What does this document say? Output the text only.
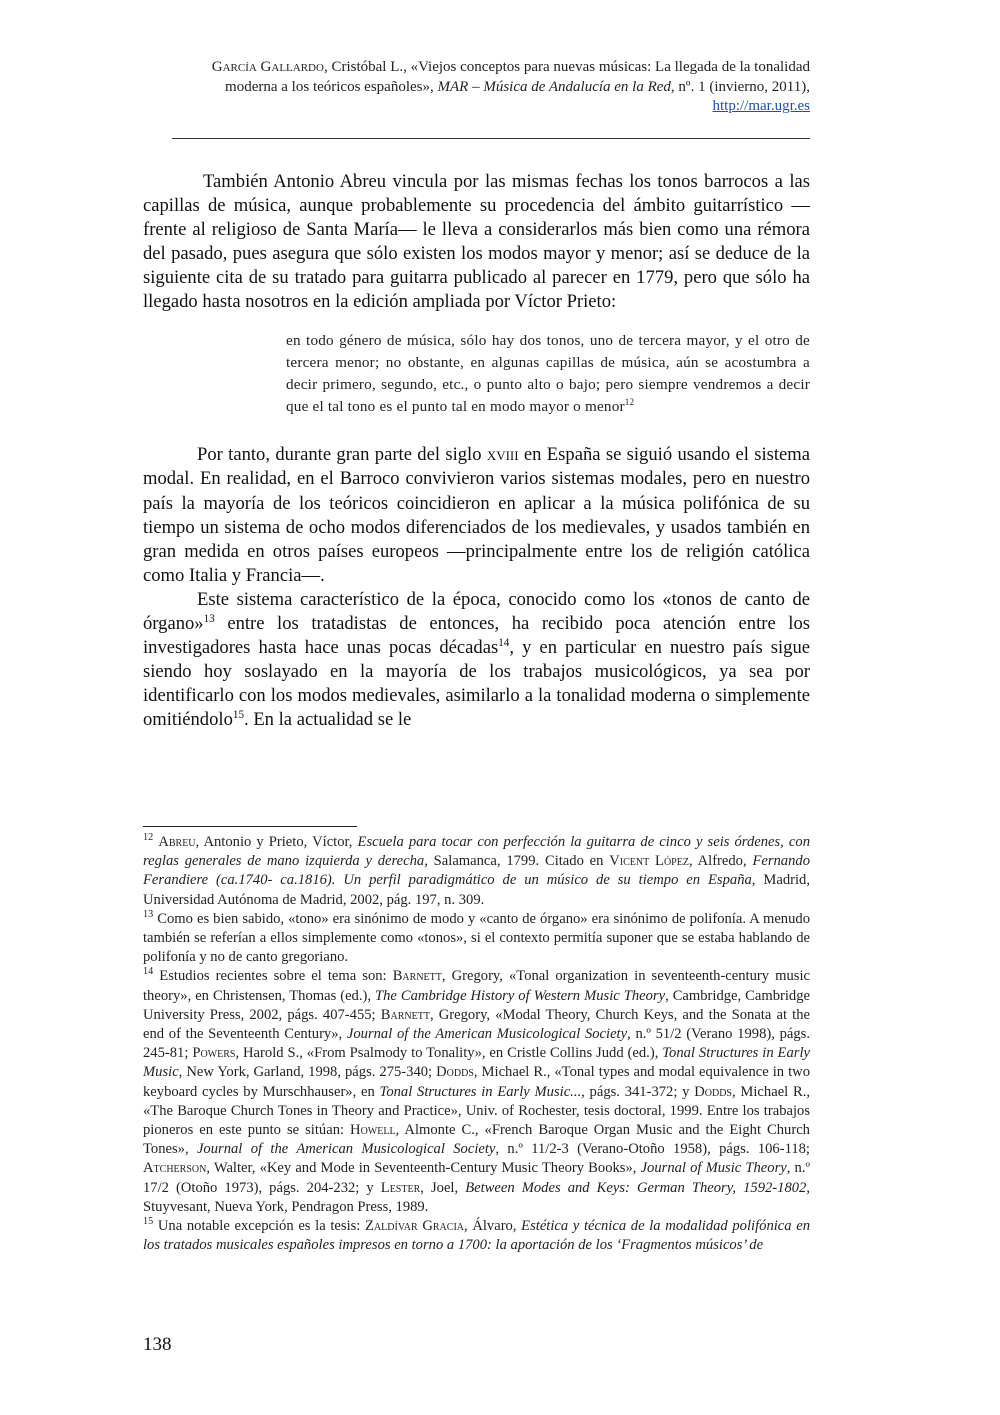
García Gallardo, Cristóbal L., «Viejos conceptos para nuevas músicas: La llegada de la tonalidad moderna a los teóricos españoles», MAR – Música de Andalucía en la Red, nº. 1 (invierno, 2011), http://mar.ugr.es

También Antonio Abreu vincula por las mismas fechas los tonos barrocos a las capillas de música, aunque probablemente su procedencia del ámbito guitarrístico —frente al religioso de Santa María— le lleva a considerarlos más bien como una rémora del pasado, pues asegura que sólo existen los modos mayor y menor; así se deduce de la siguiente cita de su tratado para guitarra publicado al parecer en 1779, pero que sólo ha llegado hasta nosotros en la edición ampliada por Víctor Prieto:

en todo género de música, sólo hay dos tonos, uno de tercera mayor, y el otro de tercera menor; no obstante, en algunas capillas de música, aún se acostumbra a decir primero, segundo, etc., o punto alto o bajo; pero siempre vendremos a decir que el tal tono es el punto tal en modo mayor o menor$^{12}$

Por tanto, durante gran parte del siglo xviii en España se siguió usando el sistema modal. En realidad, en el Barroco convivieron varios sistemas modales, pero en nuestro país la mayoría de los teóricos coincidieron en aplicar a la música polifónica de su tiempo un sistema de ocho modos diferenciados de los medievales, y usados también en gran medida en otros países europeos —principalmente entre los de religión católica como Italia y Francia—.

Este sistema característico de la época, conocido como los «tonos de canto de órgano»$^{13}$ entre los tratadistas de entonces, ha recibido poca atención entre los investigadores hasta hace unas pocas décadas$^{14}$, y en particular en nuestro país sigue siendo hoy soslayado en la mayoría de los trabajos musicológicos, ya sea por identificarlo con los modos medievales, asimilarlo a la tonalidad moderna o simplemente omitiéndolo$^{15}$. En la actualidad se le

$^{12}$ Abreu, Antonio y Prieto, Víctor, Escuela para tocar con perfección la guitarra de cinco y seis órdenes, con reglas generales de mano izquierda y derecha, Salamanca, 1799. Citado en Vicent López, Alfredo, Fernando Ferandiere (ca.1740- ca.1816). Un perfil paradigmático de un músico de su tiempo en España, Madrid, Universidad Autónoma de Madrid, 2002, pág. 197, n. 309.

$^{13}$ Como es bien sabido, «tono» era sinónimo de modo y «canto de órgano» era sinónimo de polifonía. A menudo también se referían a ellos simplemente como «tonos», si el contexto permitía suponer que se estaba hablando de polifonía y no de canto gregoriano.

$^{14}$ Estudios recientes sobre el tema son: Barnett, Gregory, «Tonal organization in seventeenth-century music theory», en Christensen, Thomas (ed.), The Cambridge History of Western Music Theory, Cambridge, Cambridge University Press, 2002, págs. 407-455; Barnett, Gregory, «Modal Theory, Church Keys, and the Sonata at the end of the Seventeenth Century», Journal of the American Musicological Society, n.º 51/2 (Verano 1998), págs. 245-81; Powers, Harold S., «From Psalmody to Tonality», en Cristle Collins Judd (ed.), Tonal Structures in Early Music, New York, Garland, 1998, págs. 275-340; Dodds, Michael R., «Tonal types and modal equivalence in two keyboard cycles by Murschhauser», en Tonal Structures in Early Music..., págs. 341-372; y Dodds, Michael R., «The Baroque Church Tones in Theory and Practice», Univ. of Rochester, tesis doctoral, 1999. Entre los trabajos pioneros en este punto se sitúan: Howell, Almonte C., «French Baroque Organ Music and the Eight Church Tones», Journal of the American Musicological Society, n.º 11/2-3 (Verano-Otoño 1958), págs. 106-118; Atcherson, Walter, «Key and Mode in Seventeenth-Century Music Theory Books», Journal of Music Theory, n.º 17/2 (Otoño 1973), págs. 204-232; y Lester, Joel, Between Modes and Keys: German Theory, 1592-1802, Stuyvesant, Nueva York, Pendragon Press, 1989.

$^{15}$ Una notable excepción es la tesis: Zaldívar Gracia, Álvaro, Estética y técnica de la modalidad polifónica en los tratados musicales españoles impresos en torno a 1700: la aportación de los ‘Fragmentos músicos’ de

138
